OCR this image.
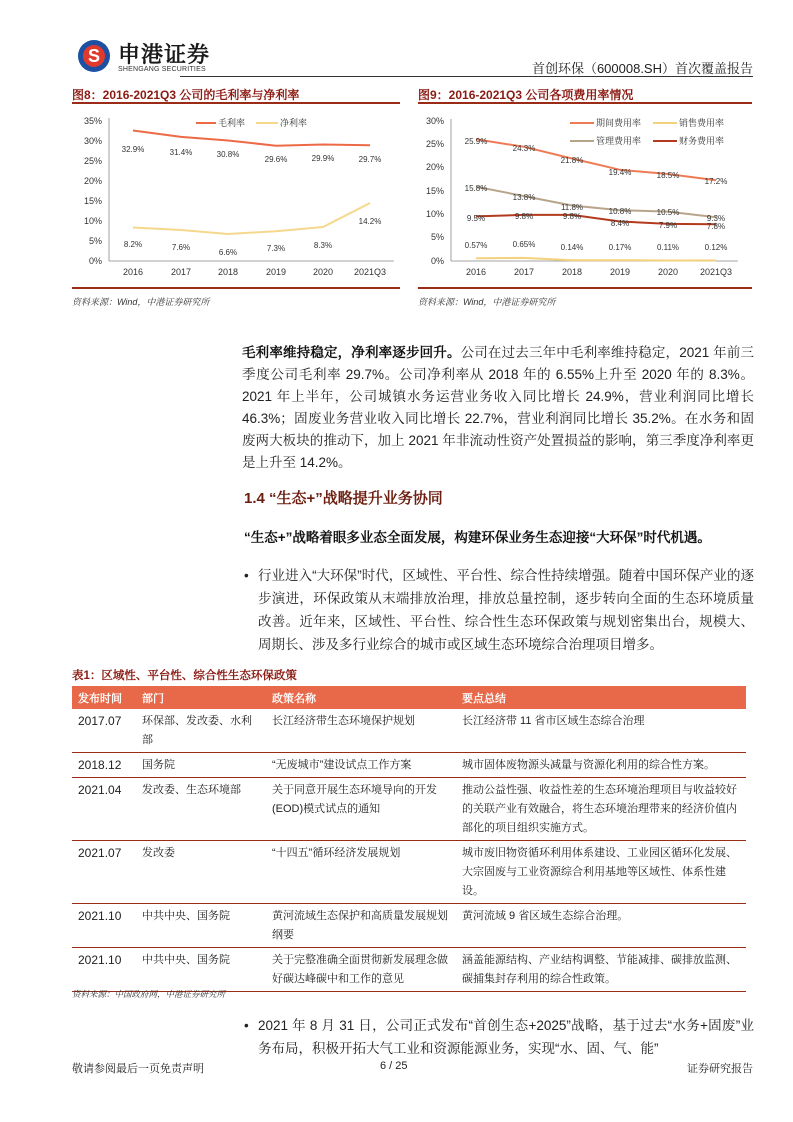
S 申港证券
SHENGANG SECURITIES	首创环保（600008.SH）首次覆盖报告
图8：2016-2021Q3 公司的毛利率与净利率
35%
30%
25%
20%
15%
10%
5%
0%
2016	2017	2018	2019	2020 2021Q3
毛利率	净利率
32.9%	31.4%	30.8%
29.6%	29.9%	29.7%
8.2%	7.6%
6.6%	7.3%	8.3%
14.2%
资料来源：Wind，中港证券研究所
图9：2016-2021Q3 公司各项费用率情况
30%
25%
20%
15%
10%
5%
0%
2016	2017	2018	2019	2020 2021Q3
期间费用率	销售费用率
管理费用率	财务费用率
25.9%
24.3%
21.8%
19.4%	18.5%
17.2%
15.8%
13.8%
11.8%	10.8%	10.5%
9.3%
9.5%	9.8%	9.8%
8.4%	7.9%	7.8%
0.57%	0.65%	0.14%	0.17%	0.11%	0.12%
资料来源：Wind，中港证券研究所
毛利率维持稳定，净利率逐步回升。公司在过去三年中毛利率维持稳定，2021 年前三季度公司毛利率 29.7%。公司净利率从 2018 年的 6.55%上升至 2020 年的 8.3%。2021 年上半年，公司城镇水务运营业务收入同比增长 24.9%，营业利润同比增长 46.3%；固废业务营业收入同比增长 22.7%，营业利润同比增长 35.2%。在水务和固废两大板块的推动下，加上 2021 年非流动性资产处置损益的影响，第三季度净利率更是上升至 14.2%。
1.4 “生态+”战略提升业务协同
“生态+”战略着眼多业态全面发展，构建环保业务生态迎接“大环保”时代机遇。
• 行业进入“大环保”时代，区域性、平台性、综合性持续增强。随着中国环保产业的逐步演进，环保政策从末端排放治理，排放总量控制，逐步转向全面的生态环境质量改善。近年来，区域性、平台性、综合性生态环保政策与规划密集出台，规模大、周期长、涉及多行业综合的城市或区域生态环境综合治理项目增多。
表1：区域性、平台性、综合性生态环保政策
发布时间	部门	政策名称	要点总结
2017.07	环保部、发改委、水利部	长江经济带生态环境保护规划	长江经济带 11 省市区域生态综合治理
2018.12	国务院	“无废城市”建设试点工作方案	城市固体废物源头减量与资源化利用的综合性方案。
2021.04	发改委、生态环境部	关于同意开展生态环境导向的开发(EOD)模式试点的通知	推动公益性强、收益性差的生态环境治理项目与收益较好的关联产业有效融合，将生态环境治理带来的经济价值内部化的项目组织实施方式。
2021.07	发改委	“十四五”循环经济发展规划	城市废旧物资循环利用体系建设、工业园区循环化发展、大宗固废与工业资源综合利用基地等区域性、体系性建设。
2021.10	中共中央、国务院	黄河流域生态保护和高质量发展规划纲要	黄河流域 9 省区域生态综合治理。
2021.10	中共中央、国务院	关于完整准确全面贯彻新发展理念做好碳达峰碳中和工作的意见	涵盖能源结构、产业结构调整、节能减排、碳排放监测、碳捕集封存利用的综合性政策。
资料来源：中国政府网，中港证券研究所
• 2021 年 8 月 31 日，公司正式发布“首创生态+2025”战略，基于过去“水务+固废”业务布局，积极开拓大气工业和资源能源业务，实现“水、固、气、能”
敬请参阅最后一页免责声明	6 / 25	证券研究报告
